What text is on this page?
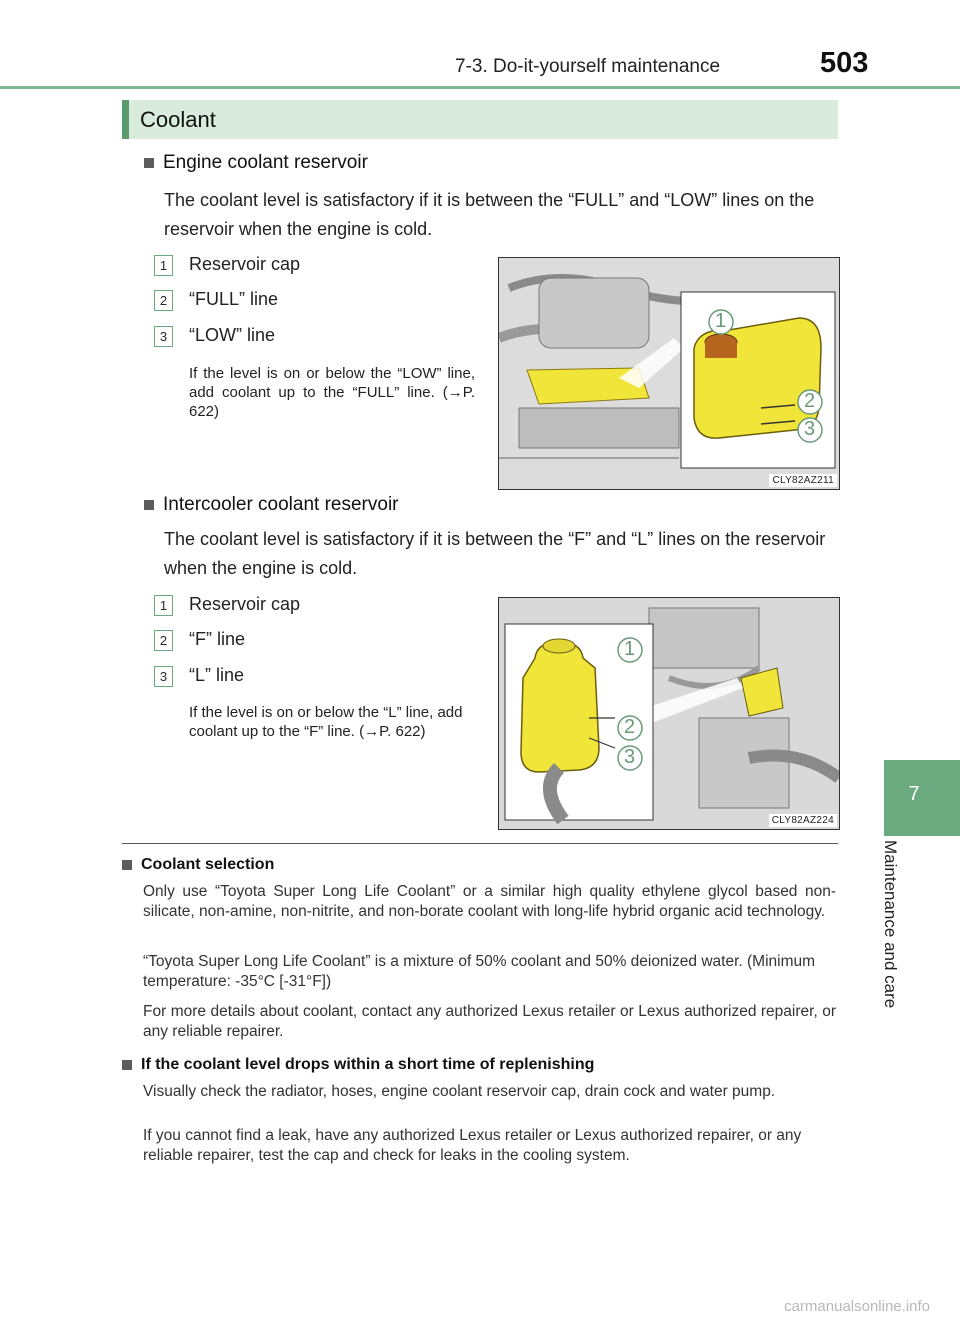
7-3. Do-it-yourself maintenance	503
7
Maintenance and care
Coolant
Engine coolant reservoir
The coolant level is satisfactory if it is between the “FULL” and “LOW” lines on the reservoir when the engine is cold.
1	Reservoir cap
2	“FULL” line
3	“LOW” line
If the level is on or below the “LOW” line, add coolant up to the “FULL” line. (→P. 622)
1
2
3
CLY82AZ211
Intercooler coolant reservoir
The coolant level is satisfactory if it is between the “F” and “L” lines on the reservoir when the engine is cold.
1	Reservoir cap
2	“F” line
3	“L” line
If the level is on or below the “L” line, add coolant up to the “F” line. (→P. 622)
1
2
3
CLY82AZ224
Coolant selection
Only use “Toyota Super Long Life Coolant” or a similar high quality ethylene glycol based non-silicate, non-amine, non-nitrite, and non-borate coolant with long-life hybrid organic acid technology.
“Toyota Super Long Life Coolant” is a mixture of 50% coolant and 50% deionized water. (Minimum temperature: -35°C [-31°F])
For more details about coolant, contact any authorized Lexus retailer or Lexus authorized repairer, or any reliable repairer.
If the coolant level drops within a short time of replenishing
Visually check the radiator, hoses, engine coolant reservoir cap, drain cock and water pump.
If you cannot find a leak, have any authorized Lexus retailer or Lexus authorized repairer, or any reliable repairer, test the cap and check for leaks in the cooling system.
carmanualsonline.info
